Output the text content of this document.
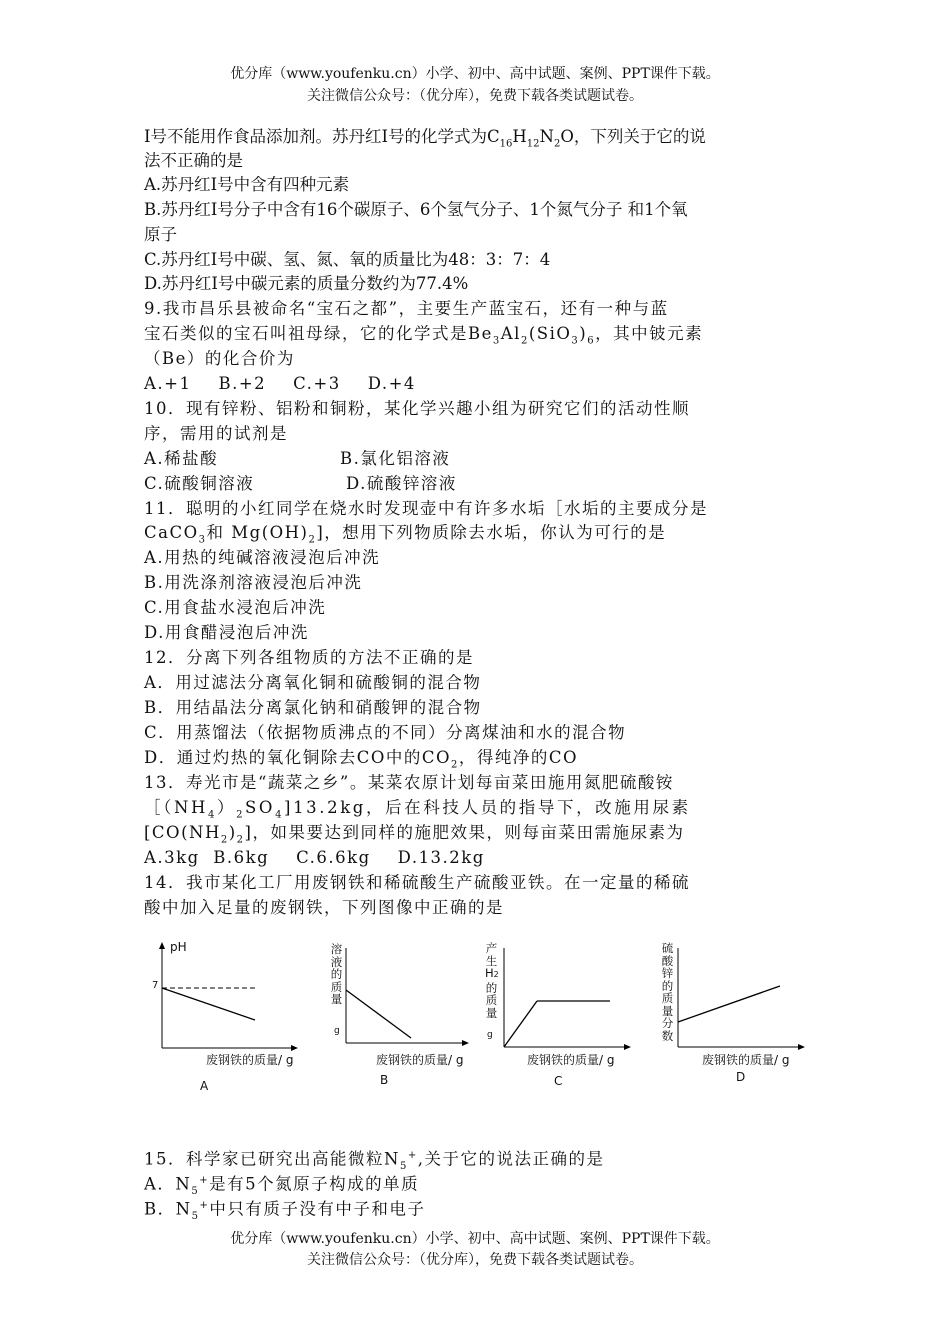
优分库（www.youfenku.cn）小学、初中、高中试题、案例、PPT课件下载。
关注微信公众号：（优分库），免费下载各类试题试卷。
Ⅰ号不能用作食品添加剂。苏丹红Ⅰ号的化学式为$C_{16}H_{12}N_2O$，下列关于它的说
法不正确的是
A.苏丹红Ⅰ号中含有四种元素
B.苏丹红Ⅰ号分子中含有16个碳原子、6个氢气分子、1个氮气分子 和1个氧
原子
C.苏丹红Ⅰ号中碳、氢、氮、氧的质量比为48：3：7：4
D.苏丹红Ⅰ号中碳元素的质量分数约为77.4%
9.我市昌乐县被命名“宝石之都”，主要生产蓝宝石，还有一种与蓝
宝石类似的宝石叫祖母绿，它的化学式是$Be_3Al_2(SiO_3)_6$，其中铍元素
（Be）的化合价为
A.+1    B.+2    C.+3    D.+4
10．现有锌粉、铝粉和铜粉，某化学兴趣小组为研究它们的活动性顺
序，需用的试剂是
A.稀盐酸	B.氯化铝溶液
C.硫酸铜溶液	D.硫酸锌溶液
11．聪明的小红同学在烧水时发现壶中有许多水垢［水垢的主要成分是
CaCO$_3$和 $Mg(OH)_2$]，想用下列物质除去水垢，你认为可行的是
A.用热的纯碱溶液浸泡后冲洗
B.用洗涤剂溶液浸泡后冲洗
C.用食盐水浸泡后冲洗
D.用食醋浸泡后冲洗
12．分离下列各组物质的方法不正确的是
A．用过滤法分离氧化铜和硫酸铜的混合物
B．用结晶法分离氯化钠和硝酸钾的混合物
C．用蒸馏法（依据物质沸点的不同）分离煤油和水的混合物
D．通过灼热的氧化铜除去CO中的$CO_2$，得纯净的CO
13．寿光市是“蔬菜之乡”。某菜农原计划每亩菜田施用氮肥硫酸铵
$[(NH_4)_2SO_4]13.2kg$，后在科技人员的指导下，改施用尿素
$[CO(NH_2)_2]$，如果要达到同样的施肥效果，则每亩菜田需施尿素为
A.3kg  B.6kg    C.6.6kg    D.13.2kg
14．我市某化工厂用废钢铁和稀硫酸生产硫酸亚铁。在一定量的稀硫
酸中加入足量的废钢铁，下列图像中正确的是
pH
7
废钢铁的质量/ g
A
溶液的质量
g
废钢铁的质量/ g
B
产生H2的质量
g
废钢铁的质量/ g
C
硫酸锌的质量分数
废钢铁的质量/ g
D
15．科学家已研究出高能微粒$N_5^+$,关于它的说法正确的是
A．$N_5^+$是有5个氮原子构成的单质
B．$N_5^+$中只有质子没有中子和电子
优分库（www.youfenku.cn）小学、初中、高中试题、案例、PPT课件下载。
关注微信公众号：（优分库），免费下载各类试题试卷。
